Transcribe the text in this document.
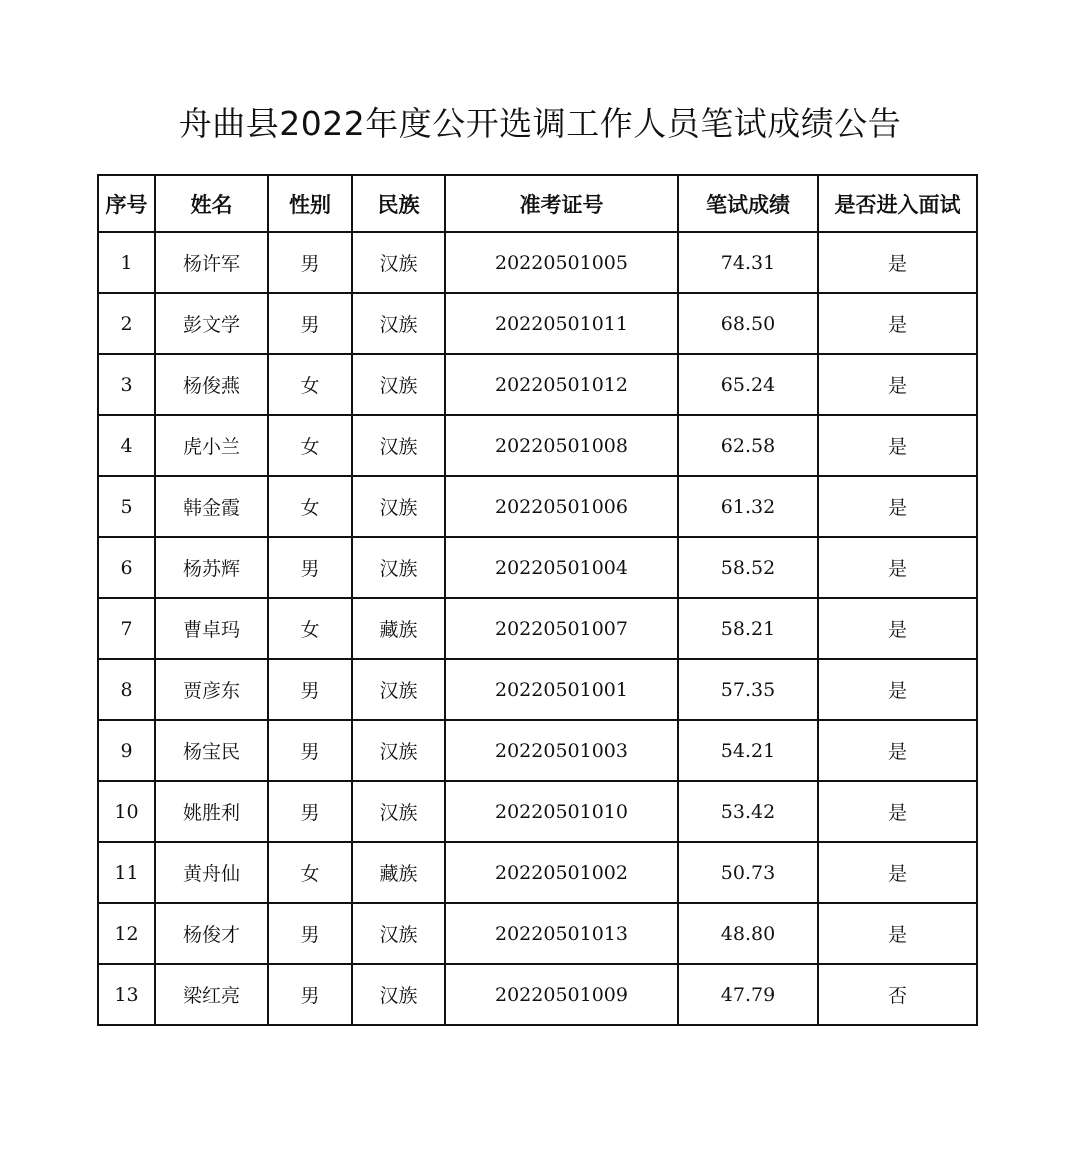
舟曲县2022年度公开选调工作人员笔试成绩公告
序号	姓名	性别	民族	准考证号	笔试成绩	是否进入面试
1	杨许军	男	汉族	20220501005	74.31	是
2	彭文学	男	汉族	20220501011	68.50	是
3	杨俊燕	女	汉族	20220501012	65.24	是
4	虎小兰	女	汉族	20220501008	62.58	是
5	韩金霞	女	汉族	20220501006	61.32	是
6	杨苏辉	男	汉族	20220501004	58.52	是
7	曹卓玛	女	藏族	20220501007	58.21	是
8	贾彦东	男	汉族	20220501001	57.35	是
9	杨宝民	男	汉族	20220501003	54.21	是
10	姚胜利	男	汉族	20220501010	53.42	是
11	黄舟仙	女	藏族	20220501002	50.73	是
12	杨俊才	男	汉族	20220501013	48.80	是
13	梁红亮	男	汉族	20220501009	47.79	否
